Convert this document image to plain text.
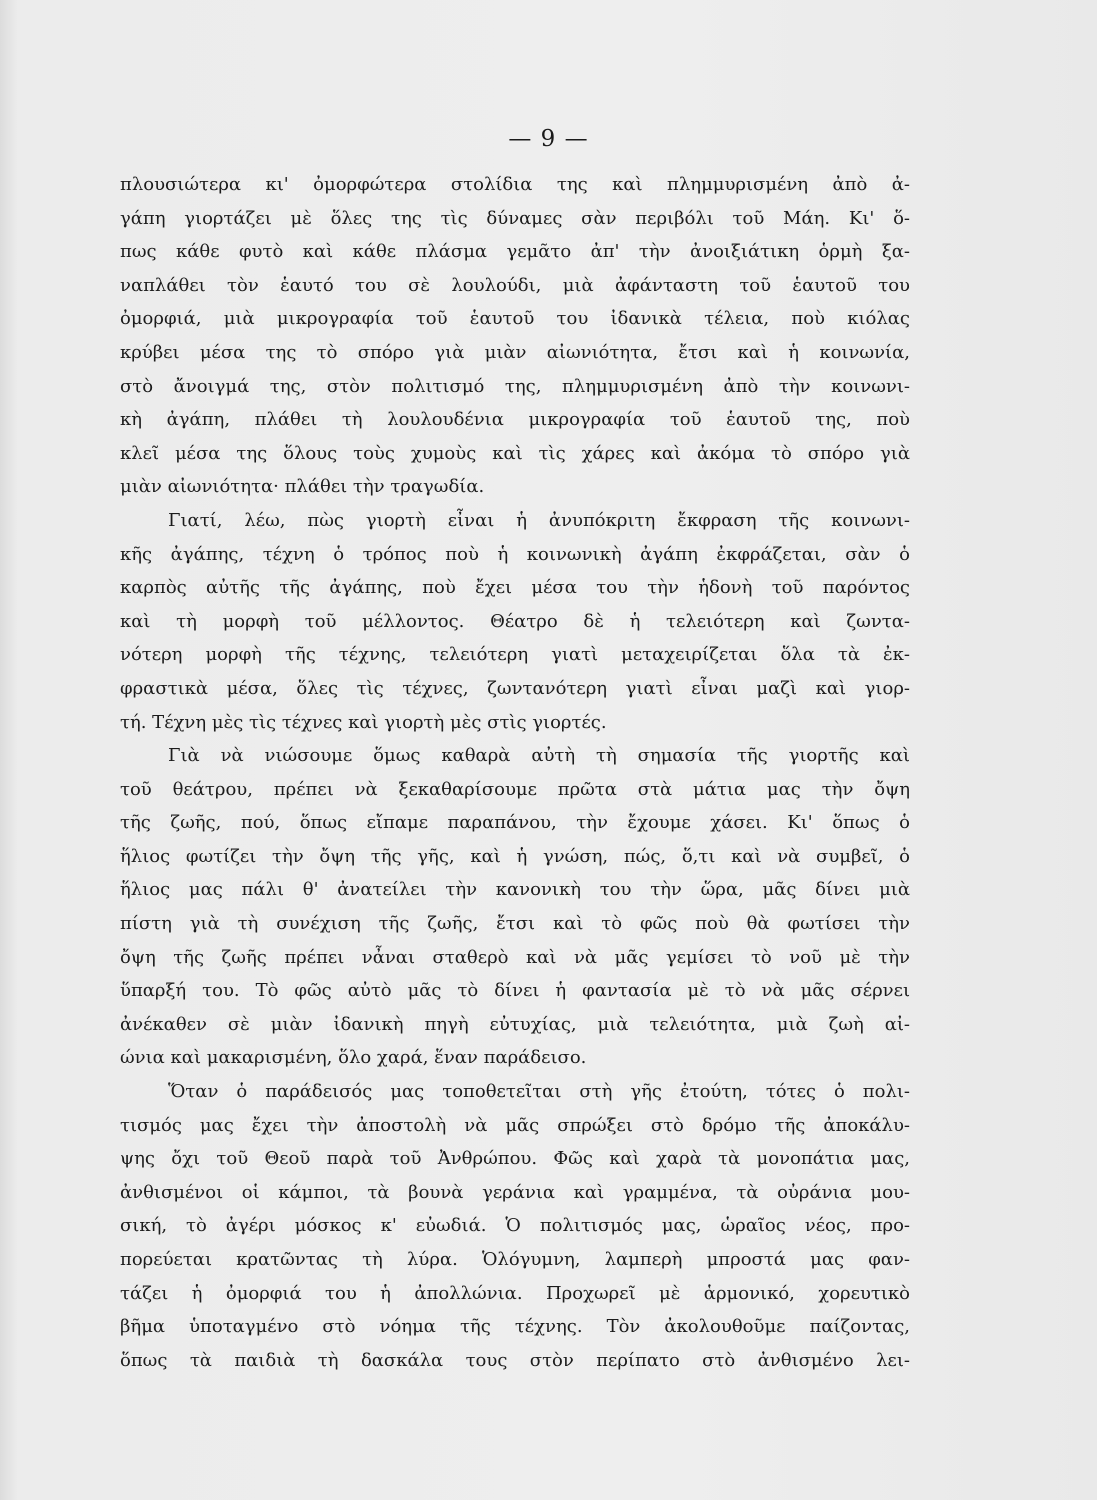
— 9 —
πλουσιώτερα κι' ὀμορφώτερα στολίδια της καὶ πλημμυρισμένη ἀπὸ ἀ-
γάπη γιορτάζει μὲ ὅλες της τὶς δύναμες σὰν περιβόλι τοῦ Μάη. Κι' ὅ-
πως κάθε φυτὸ καὶ κάθε πλάσμα γεμᾶτο ἀπ' τὴν ἀνοιξιάτικη ὁρμὴ ξα-
ναπλάθει τὸν ἑαυτό του σὲ λουλούδι, μιὰ ἀφάνταστη τοῦ ἑαυτοῦ του
ὀμορφιά, μιὰ μικρογραφία τοῦ ἑαυτοῦ του ἰδανικὰ τέλεια, ποὺ κιόλας
κρύβει μέσα της τὸ σπόρο γιὰ μιὰν αἰωνιότητα, ἔτσι καὶ ἡ κοινωνία,
στὸ ἄνοιγμά της, στὸν πολιτισμό της, πλημμυρισμένη ἀπὸ τὴν κοινωνι-
κὴ ἀγάπη, πλάθει τὴ λουλουδένια μικρογραφία τοῦ ἑαυτοῦ της, ποὺ
κλεῖ μέσα της ὅλους τοὺς χυμοὺς καὶ τὶς χάρες καὶ ἀκόμα τὸ σπόρο γιὰ
μιὰν αἰωνιότητα· πλάθει τὴν τραγωδία.
Γιατί, λέω, πὼς γιορτὴ εἶναι ἡ ἀνυπόκριτη ἔκφραση τῆς κοινωνι-
κῆς ἀγάπης, τέχνη ὁ τρόπος ποὺ ἡ κοινωνικὴ ἀγάπη ἐκφράζεται, σὰν ὁ
καρπὸς αὐτῆς τῆς ἀγάπης, ποὺ ἔχει μέσα του τὴν ἡδονὴ τοῦ παρόντος
καὶ τὴ μορφὴ τοῦ μέλλοντος. Θέατρο δὲ ἡ τελειότερη καὶ ζωντα-
νότερη μορφὴ τῆς τέχνης, τελειότερη γιατὶ μεταχειρίζεται ὅλα τὰ ἐκ-
φραστικὰ μέσα, ὅλες τὶς τέχνες, ζωντανότερη γιατὶ εἶναι μαζὶ καὶ γιορ-
τή. Τέχνη μὲς τὶς τέχνες καὶ γιορτὴ μὲς στὶς γιορτές.
Γιὰ νὰ νιώσουμε ὅμως καθαρὰ αὐτὴ τὴ σημασία τῆς γιορτῆς καὶ
τοῦ θεάτρου, πρέπει νὰ ξεκαθαρίσουμε πρῶτα στὰ μάτια μας τὴν ὄψη
τῆς ζωῆς, πού, ὅπως εἴπαμε παραπάνου, τὴν ἔχουμε χάσει. Κι' ὅπως ὁ
ἥλιος φωτίζει τὴν ὄψη τῆς γῆς, καὶ ἡ γνώση, πώς, ὅ,τι καὶ νὰ συμβεῖ, ὁ
ἥλιος μας πάλι θ' ἀνατείλει τὴν κανονικὴ του τὴν ὥρα, μᾶς δίνει μιὰ
πίστη γιὰ τὴ συνέχιση τῆς ζωῆς, ἔτσι καὶ τὸ φῶς ποὺ θὰ φωτίσει τὴν
ὄψη τῆς ζωῆς πρέπει νἆναι σταθερὸ καὶ νὰ μᾶς γεμίσει τὸ νοῦ μὲ τὴν
ὕπαρξή του. Τὸ φῶς αὐτὸ μᾶς τὸ δίνει ἡ φαντασία μὲ τὸ νὰ μᾶς σέρνει
ἀνέκαθεν σὲ μιὰν ἰδανικὴ πηγὴ εὐτυχίας, μιὰ τελειότητα, μιὰ ζωὴ αἰ-
ώνια καὶ μακαρισμένη, ὅλο χαρά, ἕναν παράδεισο.
Ὅταν ὁ παράδεισός μας τοποθετεῖται στὴ γῆς ἐτούτη, τότες ὁ πολι-
τισμός μας ἔχει τὴν ἀποστολὴ νὰ μᾶς σπρώξει στὸ δρόμο τῆς ἀποκάλυ-
ψης ὄχι τοῦ Θεοῦ παρὰ τοῦ Ἀνθρώπου. Φῶς καὶ χαρὰ τὰ μονοπάτια μας,
ἀνθισμένοι οἱ κάμποι, τὰ βουνὰ γεράνια καὶ γραμμένα, τὰ οὐράνια μου-
σική, τὸ ἀγέρι μόσκος κ' εὐωδιά. Ὁ πολιτισμός μας, ὡραῖος νέος, προ-
πορεύεται κρατῶντας τὴ λύρα. Ὁλόγυμνη, λαμπερὴ μπροστά μας φαν-
τάζει ἡ ὀμορφιά του ἡ ἀπολλώνια. Προχωρεῖ μὲ ἁρμονικό, χορευτικὸ
βῆμα ὑποταγμένο στὸ νόημα τῆς τέχνης. Τὸν ἀκολουθοῦμε παίζοντας,
ὅπως τὰ παιδιὰ τὴ δασκάλα τους στὸν περίπατο στὸ ἀνθισμένο λει-
